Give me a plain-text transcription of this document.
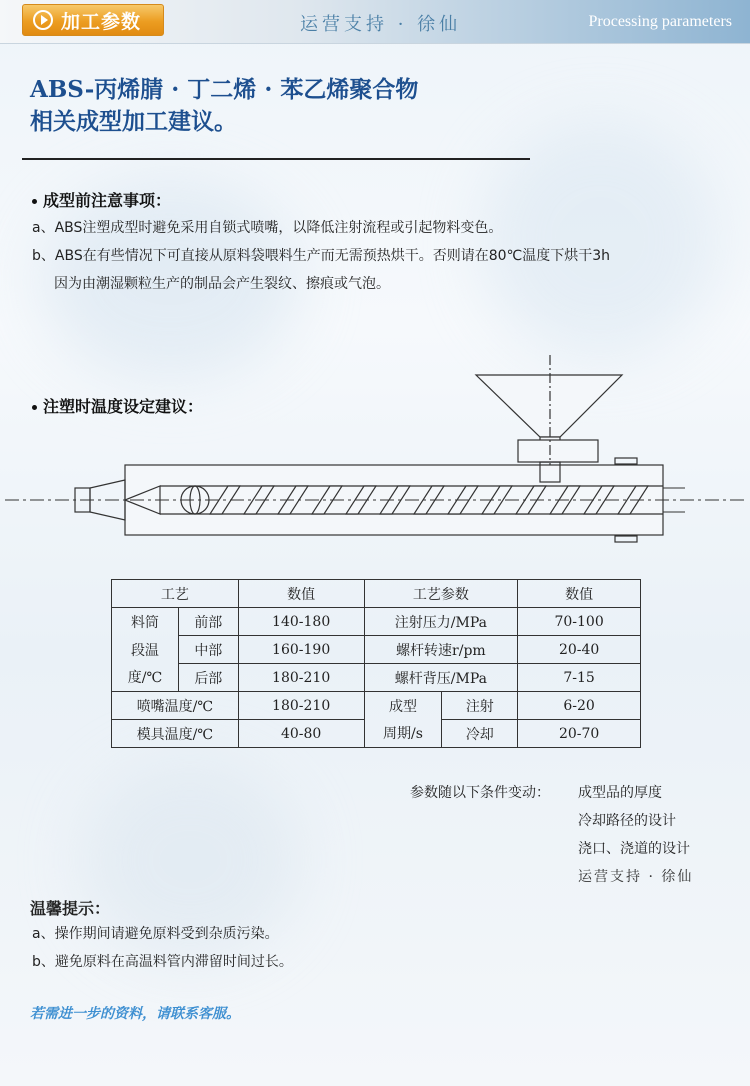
加工参数	运营支持 · 徐仙	Processing parameters
ABS-丙烯腈 · 丁二烯 · 苯乙烯聚合物
相关成型加工建议。
成型前注意事项：
a、ABS注塑成型时避免采用自锁式喷嘴，以降低注射流程或引起物料变色。
b、ABS在有些情况下可直接从原料袋喂料生产而无需预热烘干。否则请在80℃温度下烘干3h
因为由潮湿颗粒生产的制品会产生裂纹、擦痕或气泡。
注塑时温度设定建议：
工艺		数值	工艺参数		数值
料筒	前部	140-180	注射压力/MPa		70-100
段温	中部	160-190	螺杆转速r/pm		20-40
度/℃	后部	180-210	螺杆背压/MPa		7-15
喷嘴温度/℃		180-210	成型	注射	6-20
模具温度/℃		40-80	周期/s	冷却	20-70
参数随以下条件变动： 成型品的厚度
冷却路径的设计
浇口、浇道的设计
运营支持 · 徐仙
温馨提示：
a、操作期间请避免原料受到杂质污染。
b、避免原料在高温料管内滞留时间过长。
若需进一步的资料，请联系客服。
